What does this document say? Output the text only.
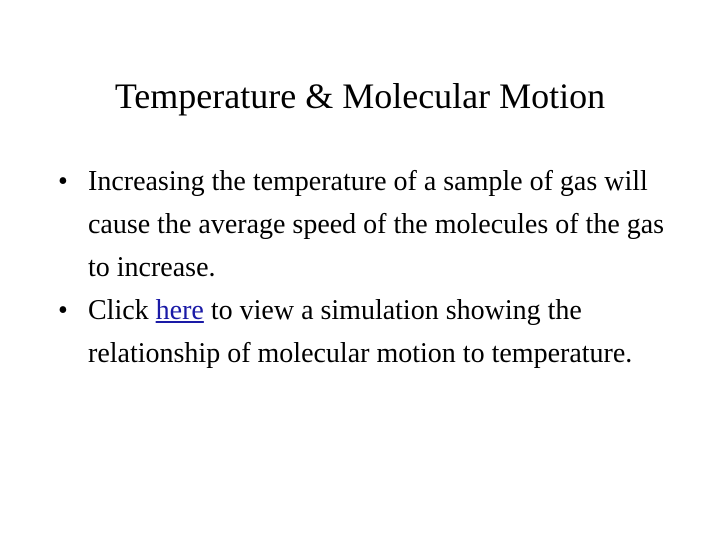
Temperature & Molecular Motion
• Increasing the temperature of a sample of gas will cause the average speed of the molecules of the gas to increase.
• Click here to view a simulation showing the relationship of molecular motion to temperature.
